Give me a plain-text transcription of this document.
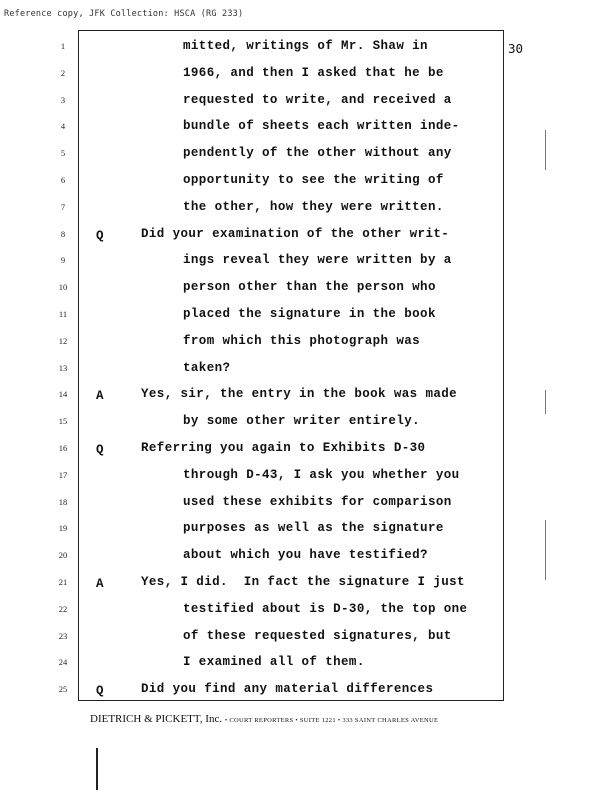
Reference copy, JFK Collection: HSCA (RG 233)
30
1	mitted, writings of Mr. Shaw in
2	1966, and then I asked that he be
3	requested to write, and received a
4	bundle of sheets each written inde-
5	pendently of the other without any
6	opportunity to see the writing of
7	the other, how they were written.
8	Q	Did your examination of the other writ-
9	ings reveal they were written by a
10	person other than the person who
11	placed the signature in the book
12	from which this photograph was
13	taken?
14	A	Yes, sir, the entry in the book was made
15	by some other writer entirely.
16	Q	Referring you again to Exhibits D-30
17	through D-43, I ask you whether you
18	used these exhibits for comparison
19	purposes as well as the signature
20	about which you have testified?
21	A	Yes, I did.  In fact the signature I just
22	testified about is D-30, the top one
23	of these requested signatures, but
24	I examined all of them.
25	Q	Did you find any material differences
DIETRICH & PICKETT, Inc. • COURT REPORTERS • SUITE 1221 • 333 SAINT CHARLES AVENUE
